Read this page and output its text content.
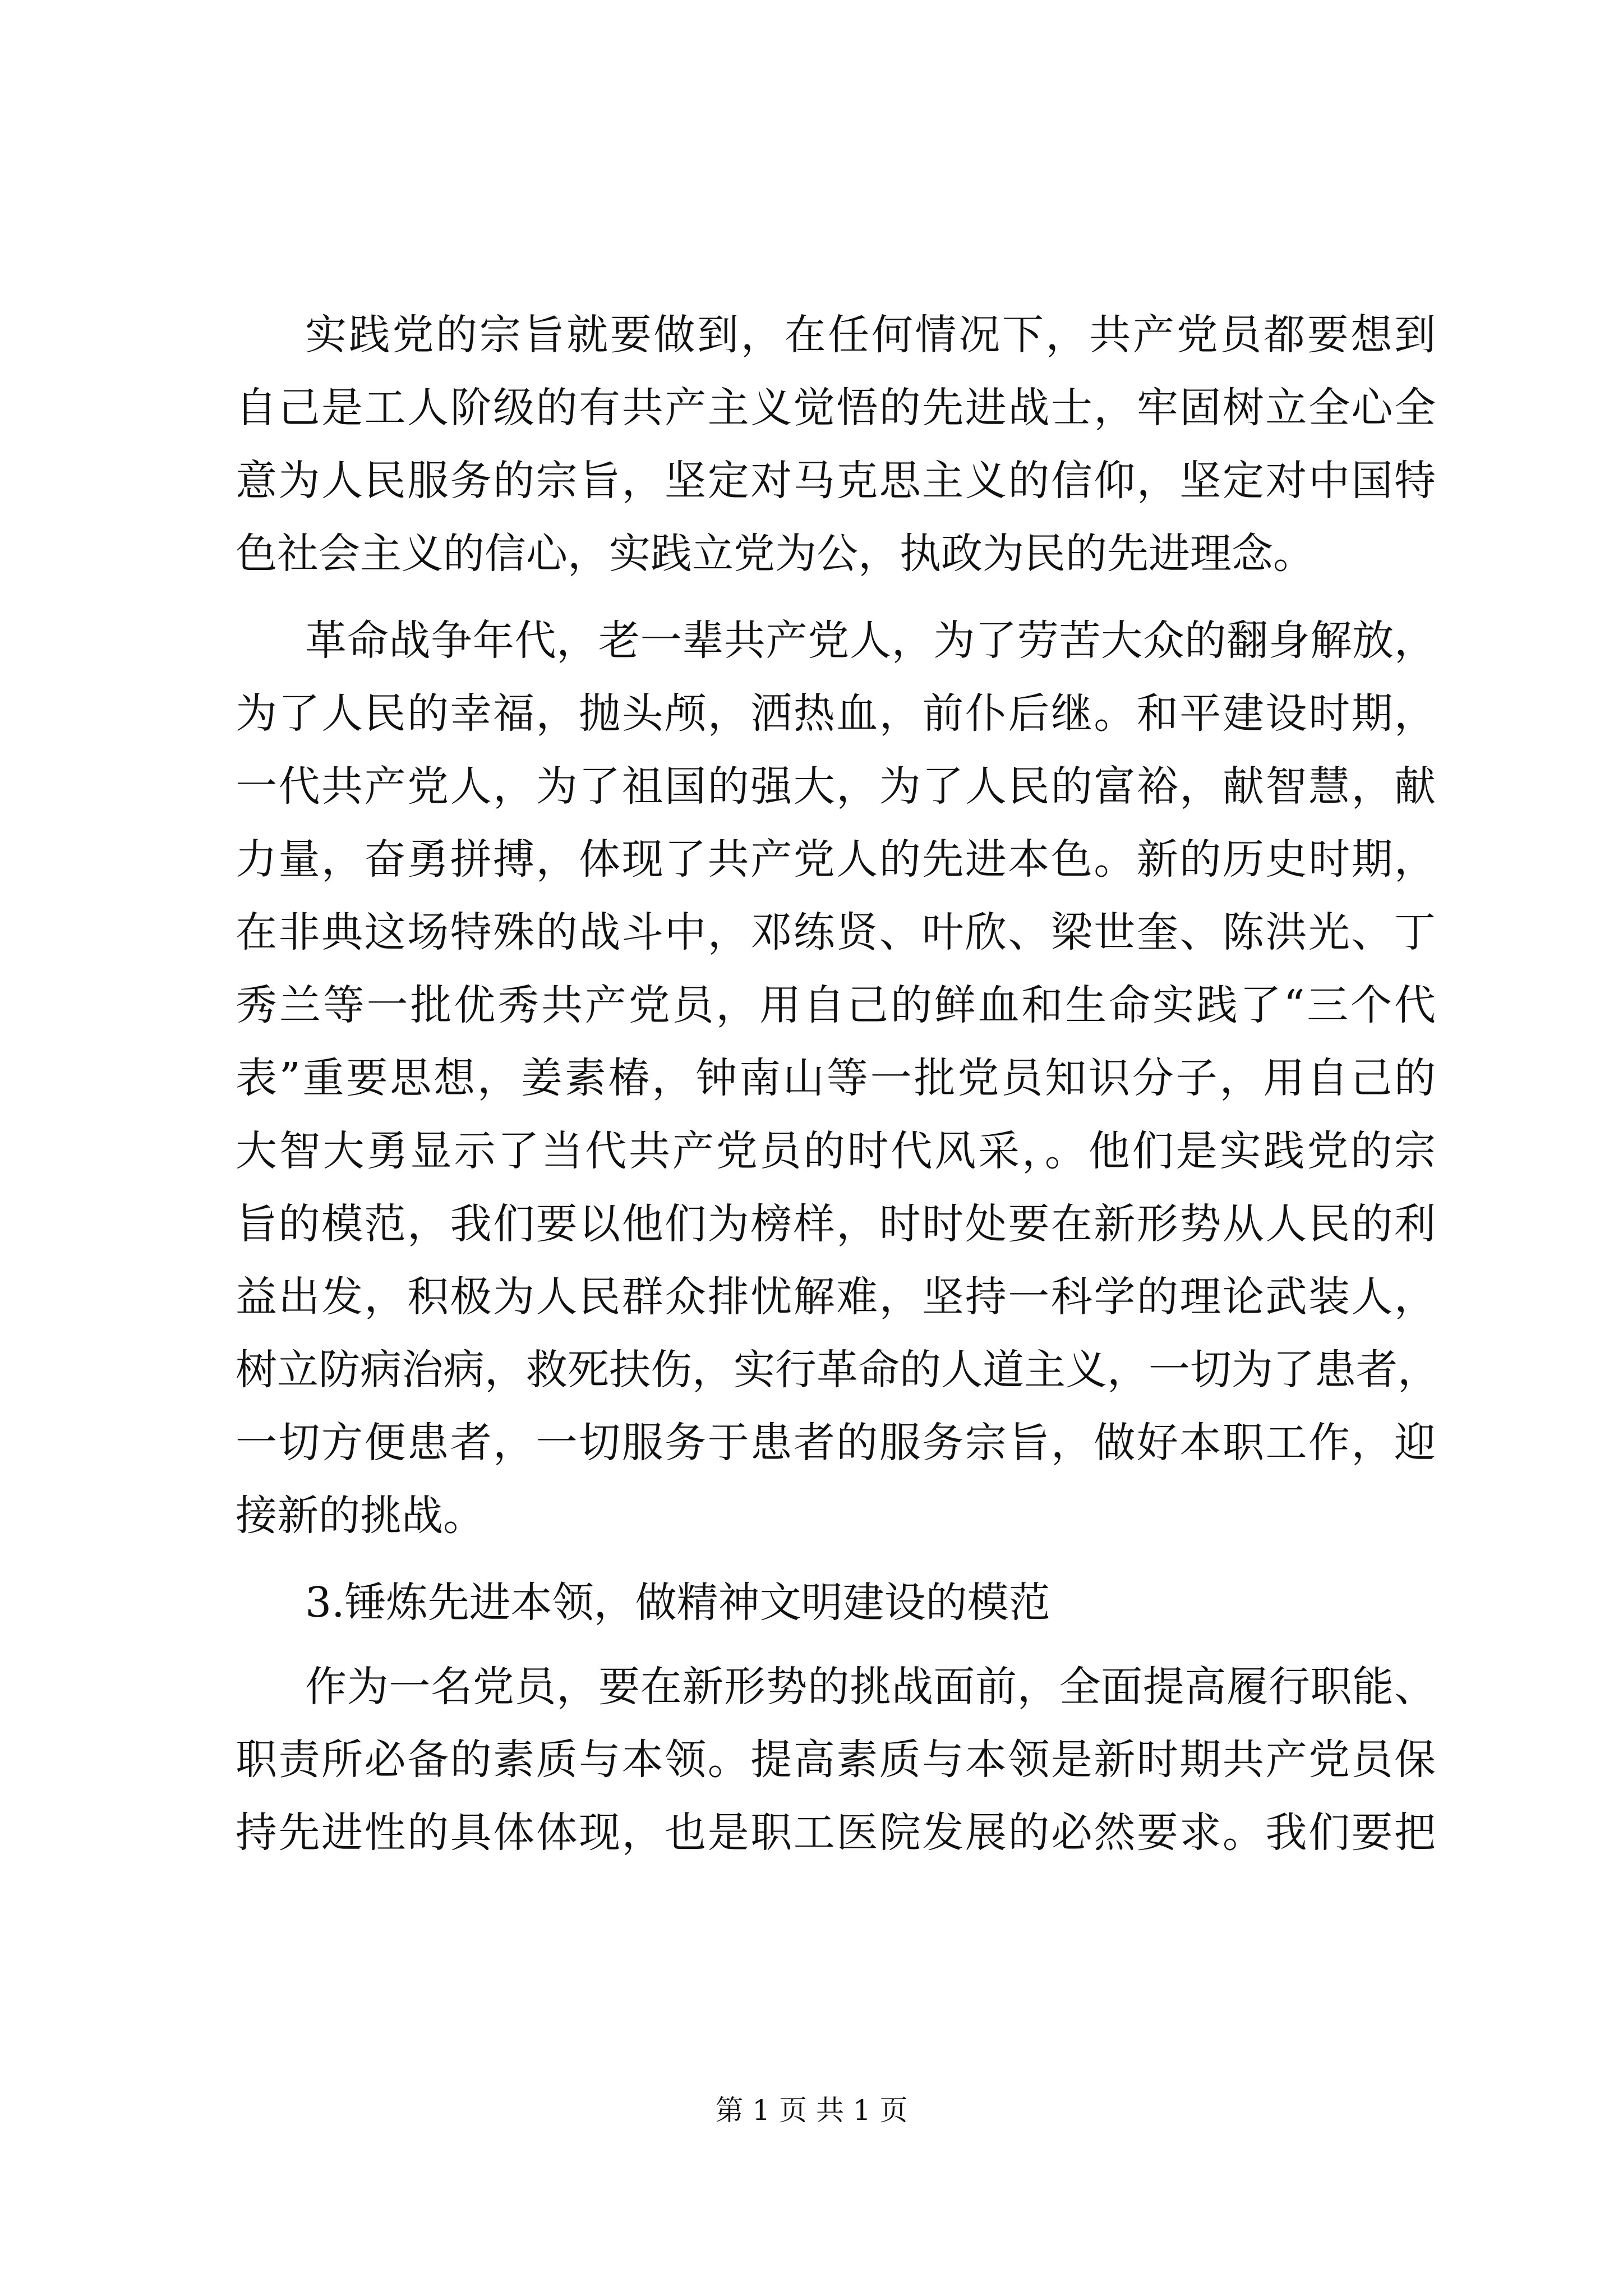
实践党的宗旨就要做到，在任何情况下，共产党员都要想到
自己是工人阶级的有共产主义觉悟的先进战士，牢固树立全心全
意为人民服务的宗旨，坚定对马克思主义的信仰，坚定对中国特
色社会主义的信心，实践立党为公，执政为民的先进理念。
革命战争年代，老一辈共产党人，为了劳苦大众的翻身解放，
为了人民的幸福，抛头颅，洒热血，前仆后继。和平建设时期，
一代共产党人，为了祖国的强大，为了人民的富裕，献智慧，献
力量，奋勇拼搏，体现了共产党人的先进本色。新的历史时期，
在非典这场特殊的战斗中，邓练贤、叶欣、梁世奎、陈洪光、丁
秀兰等一批优秀共产党员，用自己的鲜血和生命实践了“三个代
表”重要思想，姜素椿，钟南山等一批党员知识分子，用自己的
大智大勇显示了当代共产党员的时代风采，。他们是实践党的宗
旨的模范，我们要以他们为榜样，时时处要在新形势从人民的利
益出发，积极为人民群众排忧解难，坚持一科学的理论武装人，
树立防病治病，救死扶伤，实行革命的人道主义，一切为了患者，
一切方便患者，一切服务于患者的服务宗旨，做好本职工作，迎
接新的挑战。
3.锤炼先进本领，做精神文明建设的模范
作为一名党员，要在新形势的挑战面前，全面提高履行职能、
职责所必备的素质与本领。提高素质与本领是新时期共产党员保
持先进性的具体体现，也是职工医院发展的必然要求。我们要把
第 1 页 共 1 页
